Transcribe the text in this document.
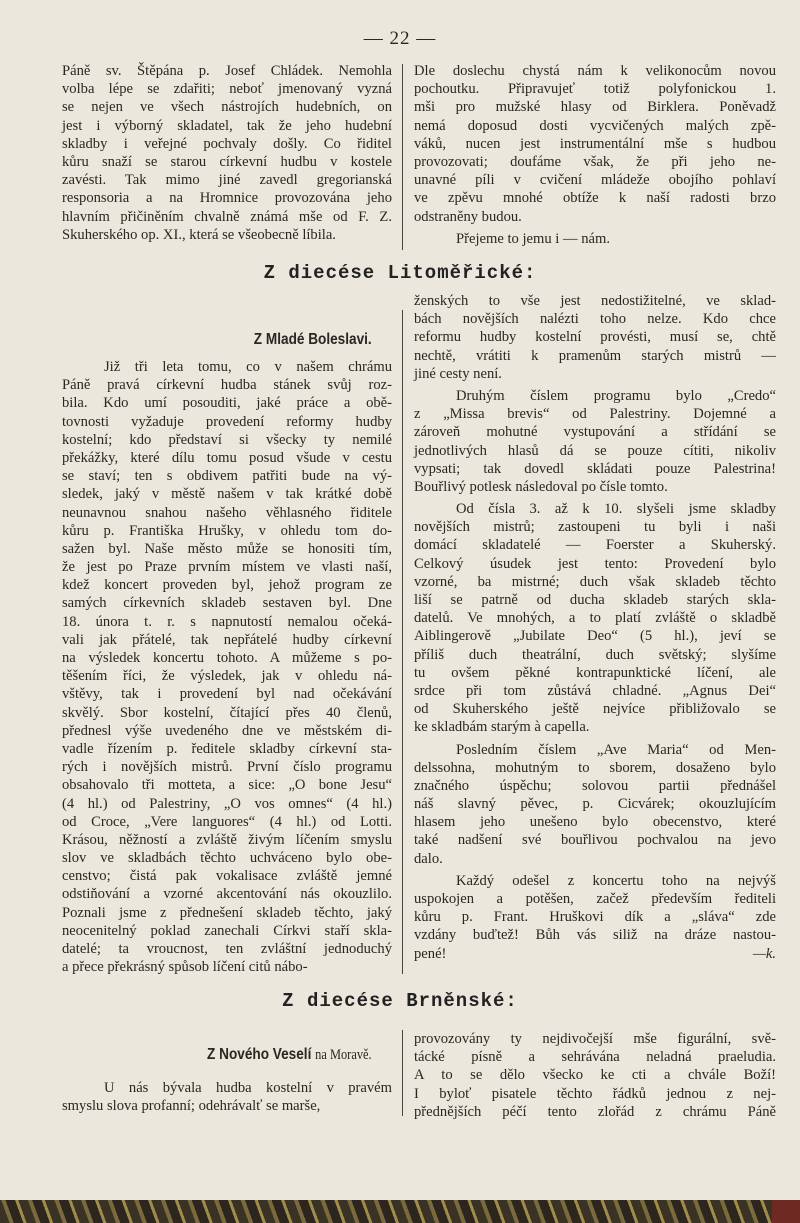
— 22 —
Páně sv. Štěpána p. Josef Chládek. Nemohla
volba lépe se zdařiti; neboť jmenovaný vyzná
se nejen ve všech nástrojích hudebních, on
jest i výborný skladatel, tak že jeho hudební
skladby i veřejné pochvaly došly. Co řiditel
kůru snaží se starou církevní hudbu v kostele
zavésti. Tak mimo jiné zavedl gregorianská
responsoria a na Hromnice provozována jeho
hlavním přičiněním chvalně známá mše od F. Z.
Skuherského op. XI., která se všeobecně líbila.
Dle doslechu chystá nám k velikonocům novou
pochoutku. Připravujeť totiž polyfonickou 1.
mši pro mužské hlasy od Birklera. Poněvadž
nemá doposud dosti vycvičených malých zpě-
váků, nucen jest instrumentální mše s hudbou
provozovati; doufáme však, že při jeho ne-
unavné píli v cvičení mládeže obojího pohlaví
ve zpěvu mnohé obtíže k naší radosti brzo
odstraněny budou.
Přejeme to jemu i — nám.
Z diecése Litoměřické:
Z Mladé Boleslavi.
Již tři leta tomu, co v našem chrámu
Páně pravá církevní hudba stánek svůj roz-
bila. Kdo umí posouditi, jaké práce a obě-
tovnosti vyžaduje provedení reformy hudby
kostelní; kdo představí si všecky ty nemilé
překážky, které dílu tomu posud všude v cestu
se staví; ten s obdivem patřiti bude na vý-
sledek, jaký v městě našem v tak krátké době
neunavnou snahou našeho věhlasného řiditele
kůru p. Františka Hrušky, v ohledu tom do-
sažen byl. Naše město může se honositi tím,
že jest po Praze prvním místem ve vlasti naší,
kdež koncert proveden byl, jehož program ze
samých církevních skladeb sestaven byl. Dne
18. února t. r. s napnutostí nemalou očeká-
vali jak přátelé, tak nepřátelé hudby církevní
na výsledek koncertu tohoto. A můžeme s po-
těšením říci, že výsledek, jak v ohledu ná-
vštěvy, tak i provedení byl nad očekávání
skvělý. Sbor kostelní, čítající přes 40 členů,
přednesl výše uvedeného dne ve městském di-
vadle řízením p. ředitele skladby církevní sta-
rých i novějších mistrů. První číslo programu
obsahovalo tři motteta, a sice: „O bone Jesu“
(4 hl.) od Palestriny, „O vos omnes“ (4 hl.)
od Croce, „Vere languores“ (4 hl.) od Lotti.
Krásou, něžností a zvláště živým líčením smyslu
slov ve skladbách těchto uchváceno bylo obe-
censtvo; čistá pak vokalisace zvláště jemné
odstiňování a vzorné akcentování nás okouzlilo.
Poznali jsme z přednešení skladeb těchto, jaký
neocenitelný poklad zanechali Církvi staří skla-
datelé; ta vroucnost, ten zvláštní jednoduchý
a přece překrásný spůsob líčení citů nábo-
—k.
ženských to vše jest nedostižitelné, ve sklad-
bách novějších nalézti toho nelze. Kdo chce
reformu hudby kostelní provésti, musí se, chtě
nechtě, vrátiti k pramenům starých mistrů —
jiné cesty není.
Druhým číslem programu bylo „Credo“
z „Missa brevis“ od Palestriny. Dojemné a
zároveň mohutné vystupování a střídání se
jednotlivých hlasů dá se pouze cítiti, nikoliv
vypsati; tak dovedl skládati pouze Palestrina!
Bouřlivý potlesk následoval po čísle tomto.
Od čísla 3. až k 10. slyšeli jsme skladby
novějších mistrů; zastoupeni tu byli i naši
domácí skladatelé — Foerster a Skuherský.
Celkový úsudek jest tento: Provedení bylo
vzorné, ba mistrné; duch však skladeb těchto
liší se patrně od ducha skladeb starých skla-
datelů. Ve mnohých, a to platí zvláště o skladbě
Aiblingerově „Jubilate Deo“ (5 hl.), jeví se
příliš duch theatrální, duch světský; slyšíme
tu ovšem pěkné kontrapunktické líčení, ale
srdce při tom zůstává chladné. „Agnus Dei“
od Skuherského ještě nejvíce přibližovalo se
ke skladbám starým à capella.
Posledním číslem „Ave Maria“ od Men-
delssohna, mohutným to sborem, dosaženo bylo
značného úspěchu; solovou partii přednášel
náš slavný pěvec, p. Cicvárek; okouzlujícím
hlasem jeho unešeno bylo obecenstvo, které
také nadšení své bouřlivou pochvalou na jevo
dalo.
Každý odešel z koncertu toho na nejvýš
uspokojen a potěšen, začež především řediteli
kůru p. Frant. Hruškovi dík a „sláva“ zde
vzdány buďtež! Bůh vás siliž na dráze nastou-
pené!
Z diecése Brněnské:
Z Nového Veselí na Moravě.
U nás bývala hudba kostelní v pravém
smyslu slova profanní; odehrávalť se marše,
provozovány ty nejdivočejší mše figurální, svě-
tácké písně a sehrávána neladná praeludia.
A to se dělo všecko ke cti a chvále Boží!
I byloť pisatele těchto řádků jednou z nej-
přednějších péčí tento zlořád z chrámu Páně
